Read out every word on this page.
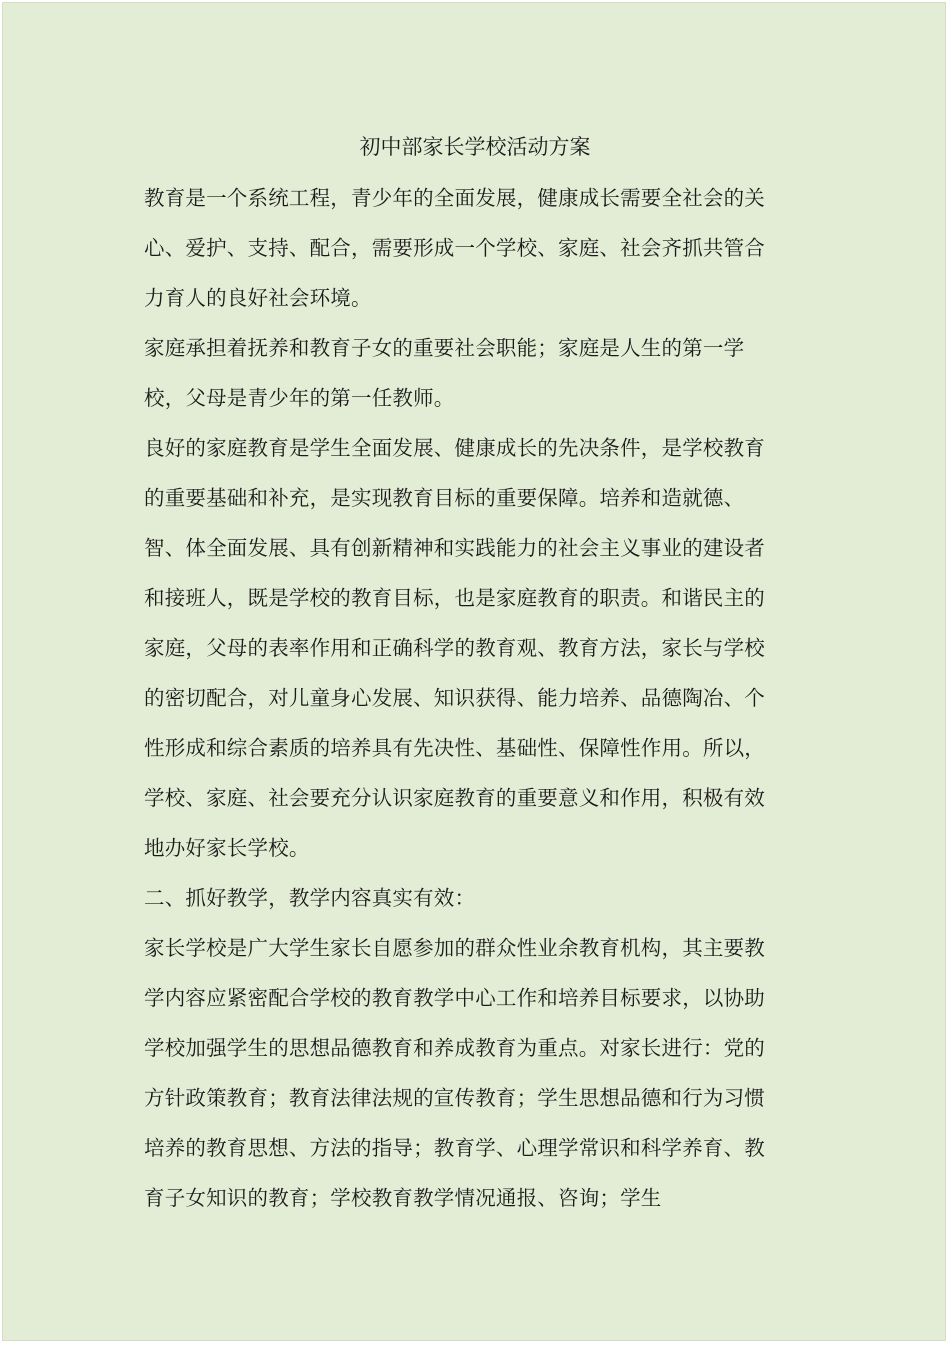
初中部家长学校活动方案

教育是一个系统工程，青少年的全面发展，健康成长需要全社会的关心、爱护、支持、配合，需要形成一个学校、家庭、社会齐抓共管合力育人的良好社会环境。

家庭承担着抚养和教育子女的重要社会职能；家庭是人生的第一学校，父母是青少年的第一任教师。

良好的家庭教育是学生全面发展、健康成长的先决条件，是学校教育的重要基础和补充，是实现教育目标的重要保障。培养和造就德、智、体全面发展、具有创新精神和实践能力的社会主义事业的建设者和接班人，既是学校的教育目标，也是家庭教育的职责。和谐民主的家庭，父母的表率作用和正确科学的教育观、教育方法，家长与学校的密切配合，对儿童身心发展、知识获得、能力培养、品德陶冶、个性形成和综合素质的培养具有先决性、基础性、保障性作用。所以，学校、家庭、社会要充分认识家庭教育的重要意义和作用，积极有效地办好家长学校。

二、抓好教学，教学内容真实有效：

家长学校是广大学生家长自愿参加的群众性业余教育机构，其主要教学内容应紧密配合学校的教育教学中心工作和培养目标要求，以协助学校加强学生的思想品德教育和养成教育为重点。对家长进行：党的方针政策教育；教育法律法规的宣传教育；学生思想品德和行为习惯培养的教育思想、方法的指导；教育学、心理学常识和科学养育、教育子女知识的教育；学校教育教学情况通报、咨询；学生
